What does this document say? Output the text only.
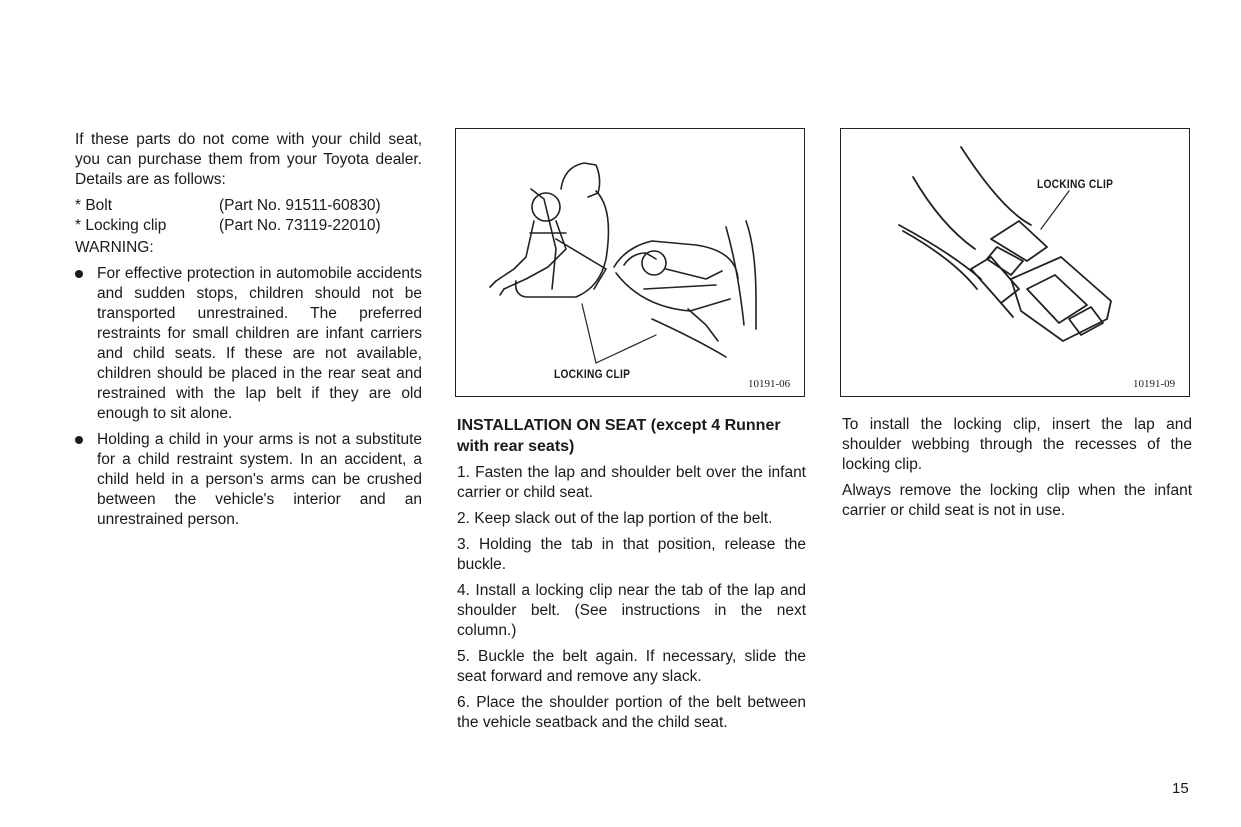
If these parts do not come with your child seat, you can purchase them from your Toyota dealer. Details are as follows:

* Bolt	(Part No. 91511-60830)
* Locking clip	(Part No. 73119-22010)
WARNING:
For effective protection in automobile accidents and sudden stops, children should not be transported unrestrained. The preferred restraints for small children are infant carriers and child seats. If these are not available, children should be placed in the rear seat and restrained with the lap belt if they are old enough to sit alone.
Holding a child in your arms is not a substitute for a child restraint system. In an accident, a child held in a person's arms can be crushed between the vehicle's interior and an unrestrained person.
LOCKING CLIP
10191-06
LOCKING CLIP
10191-09
INSTALLATION ON SEAT (except 4 Runner with rear seats)

1. Fasten the lap and shoulder belt over the infant carrier or child seat.

2. Keep slack out of the lap portion of the belt.

3. Holding the tab in that position, release the buckle.

4. Install a locking clip near the tab of the lap and shoulder belt. (See instructions in the next column.)

5. Buckle the belt again. If necessary, slide the seat forward and remove any slack.

6. Place the shoulder portion of the belt between the vehicle seatback and the child seat.

To install the locking clip, insert the lap and shoulder webbing through the recesses of the locking clip.

Always remove the locking clip when the infant carrier or child seat is not in use.

15
